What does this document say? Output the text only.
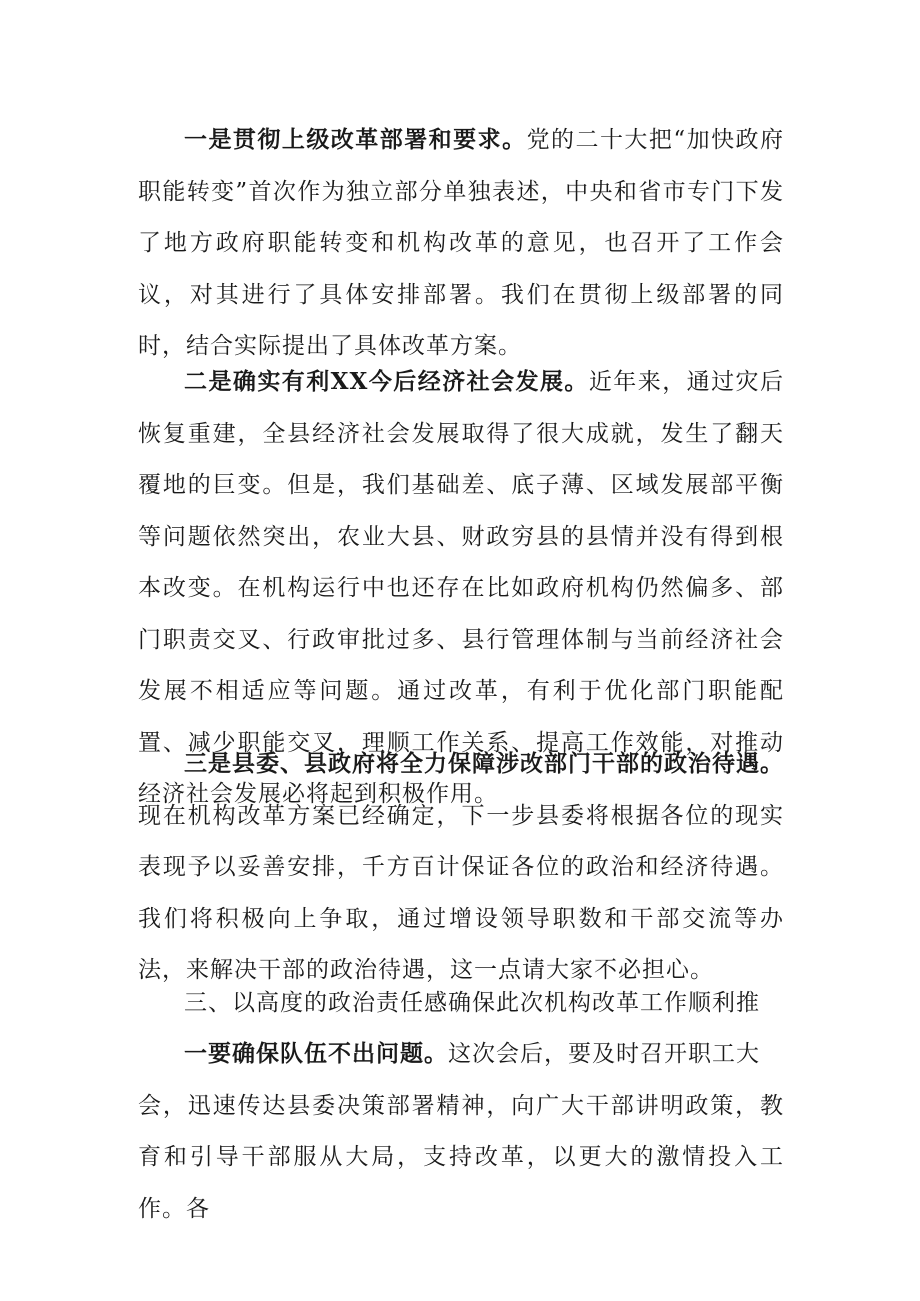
一是贯彻上级改革部署和要求。党的二十大把“加快政府职能转变”首次作为独立部分单独表述，中央和省市专门下发了地方政府职能转变和机构改革的意见，也召开了工作会议，对其进行了具体安排部署。我们在贯彻上级部署的同时，结合实际提出了具体改革方案。

二是确实有利XX今后经济社会发展。近年来，通过灾后恢复重建，全县经济社会发展取得了很大成就，发生了翻天覆地的巨变。但是，我们基础差、底子薄、区域发展部平衡等问题依然突出，农业大县、财政穷县的县情并没有得到根本改变。在机构运行中也还存在比如政府机构仍然偏多、部门职责交叉、行政审批过多、县行管理体制与当前经济社会发展不相适应等问题。通过改革，有利于优化部门职能配置、减少职能交叉，理顺工作关系、提高工作效能，对推动经济社会发展必将起到积极作用。

三是县委、县政府将全力保障涉改部门干部的政治待遇。现在机构改革方案已经确定，下一步县委将根据各位的现实表现予以妥善安排，千方百计保证各位的政治和经济待遇。我们将积极向上争取，通过增设领导职数和干部交流等办法，来解决干部的政治待遇，这一点请大家不必担心。

三、以高度的政治责任感确保此次机构改革工作顺利推

一要确保队伍不出问题。这次会后，要及时召开职工大
会，迅速传达县委决策部署精神，向广大干部讲明政策，教育和引导干部服从大局，支持改革，以更大的激情投入工作。各
